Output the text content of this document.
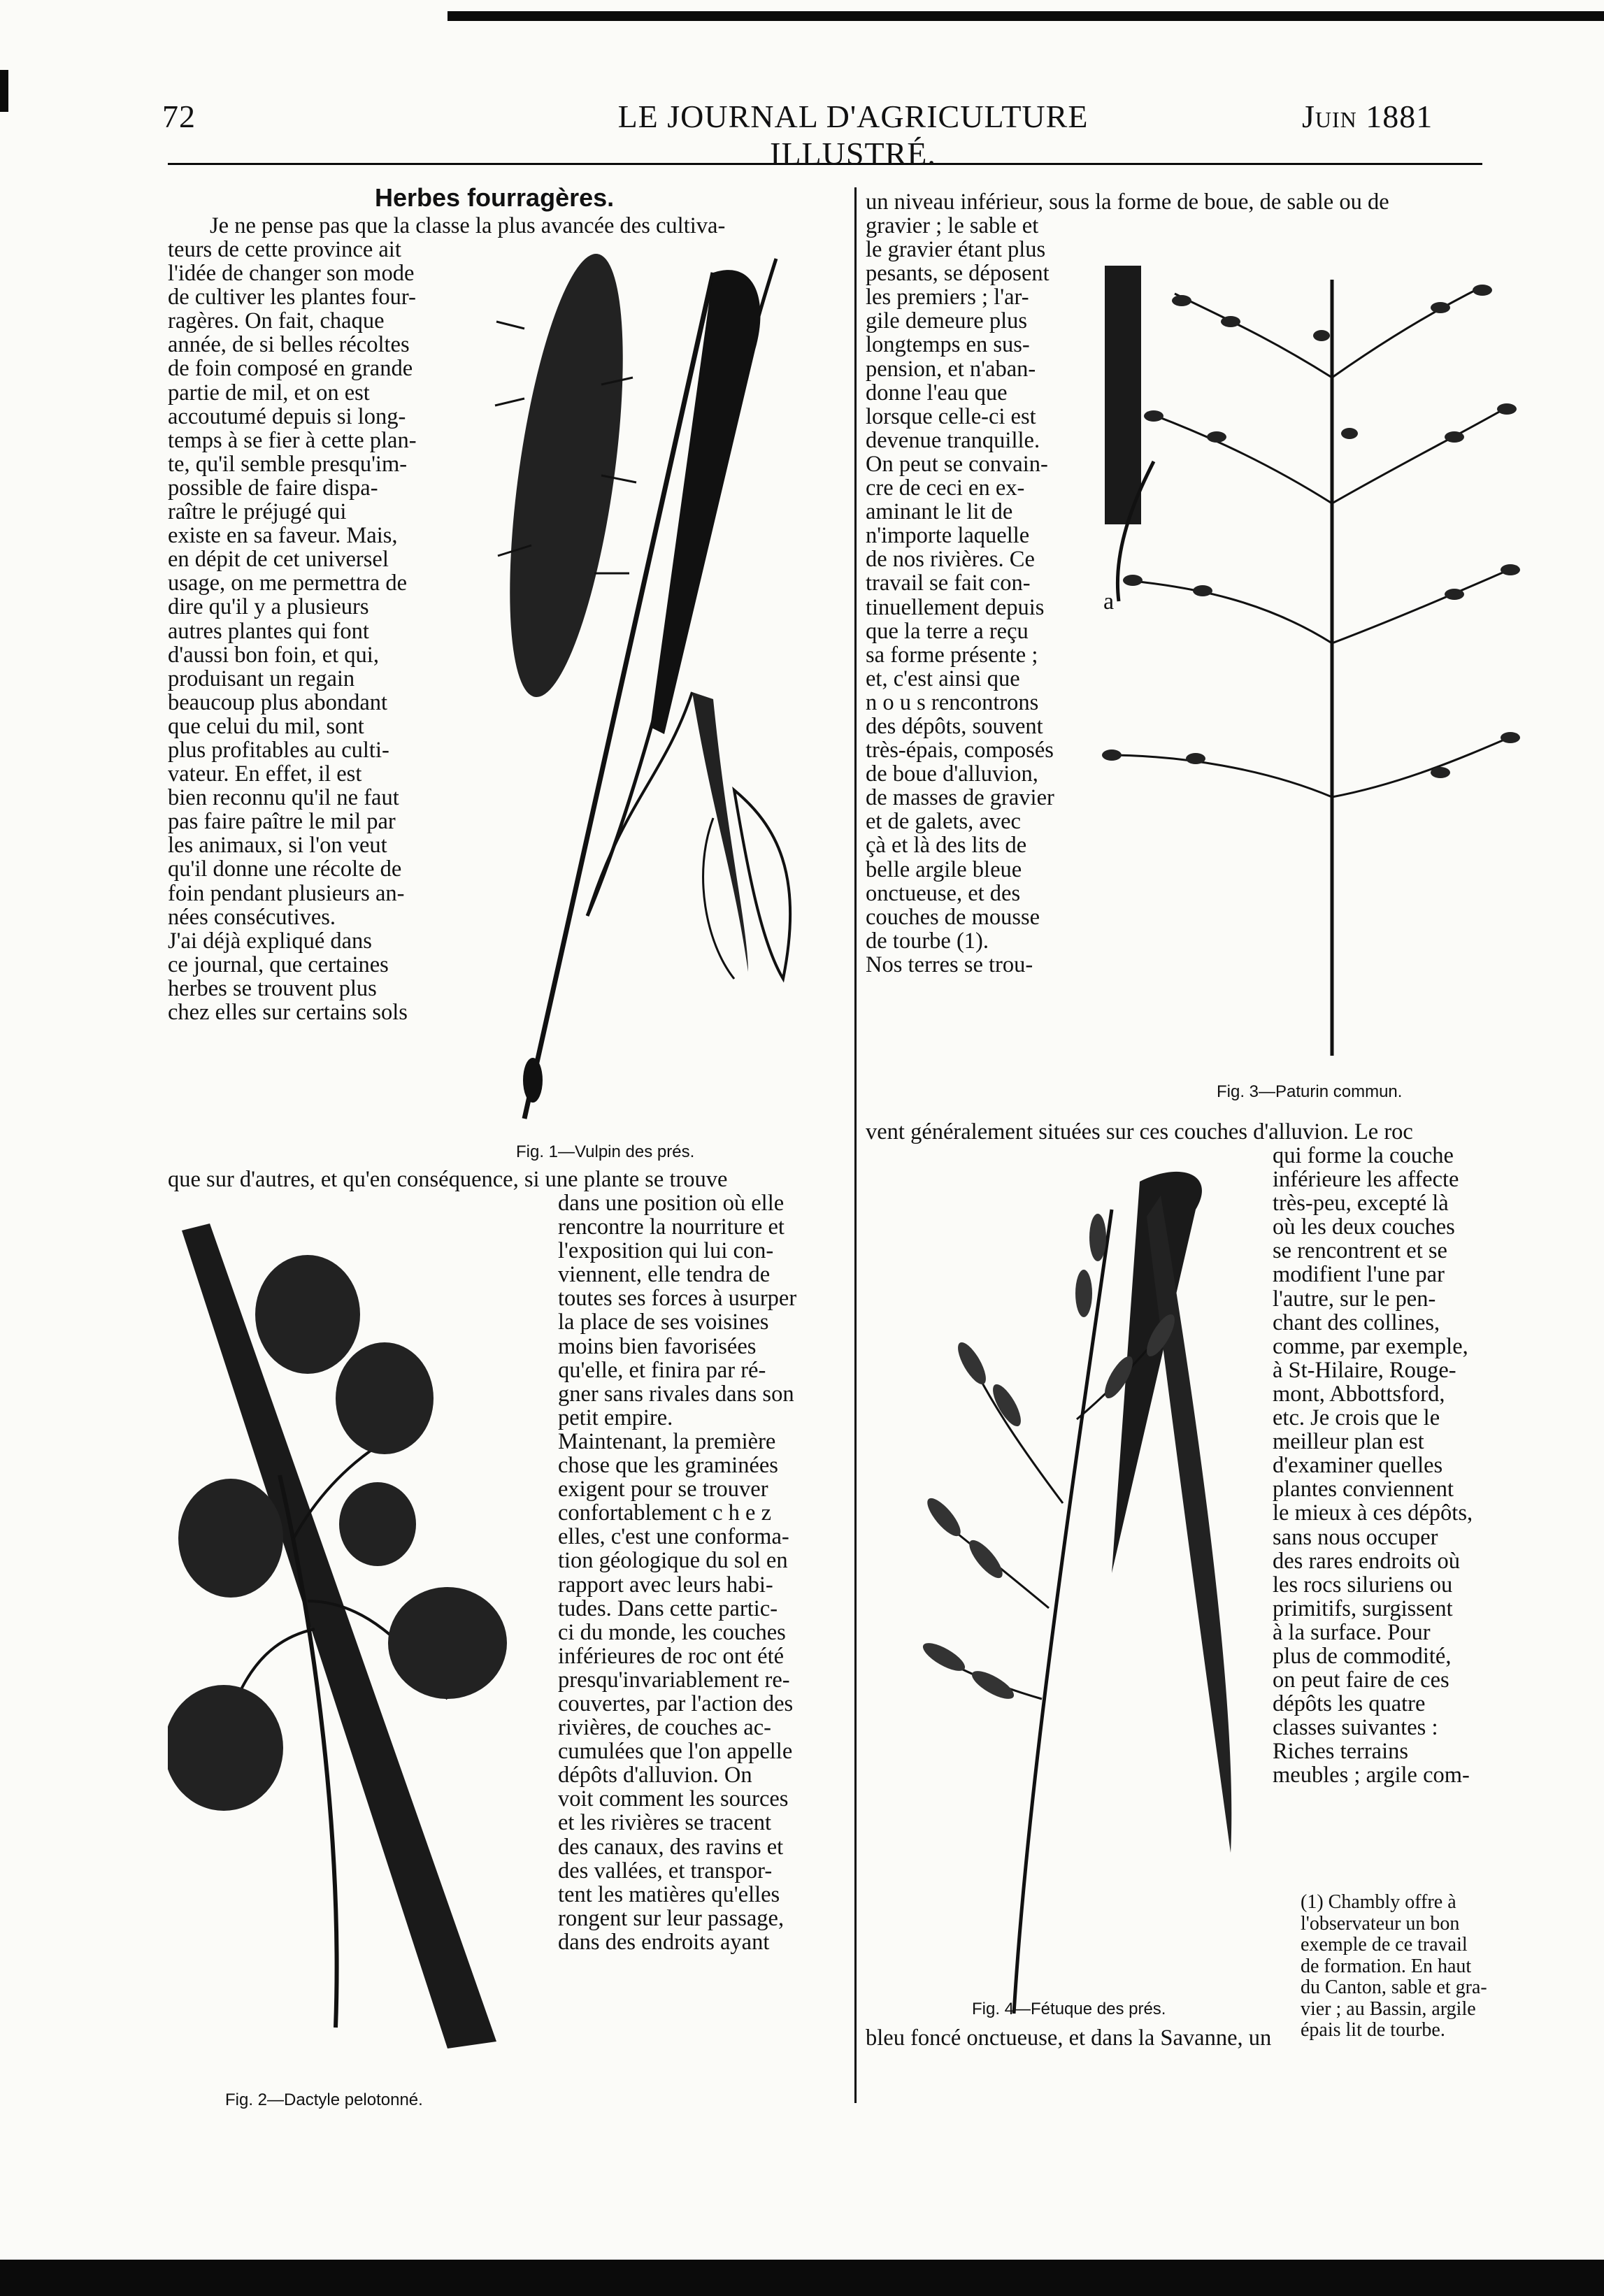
72	LE JOURNAL D'AGRICULTURE ILLUSTRÉ.
Juin 1881
Herbes fourragères.
Je ne pense pas que la classe la plus avancée des cultiva-
teurs de cette province ait
l'idée de changer son mode
de cultiver les plantes four-
ragères. On fait, chaque
année, de si belles récoltes
de foin composé en grande
partie de mil, et on est
accoutumé depuis si long-
temps à se fier à cette plan-
te, qu'il semble presqu'im-
possible de faire dispa-
raître le préjugé qui
existe en sa faveur. Mais,
en dépit de cet universel
usage, on me permettra de
dire qu'il y a plusieurs
autres plantes qui font
d'aussi bon foin, et qui,
produisant un regain
beaucoup plus abondant
que celui du mil, sont
plus profitables au culti-
vateur. En effet, il est
bien reconnu qu'il ne faut
pas faire paître le mil par
les animaux, si l'on veut
qu'il donne une récolte de
foin pendant plusieurs an-
nées consécutives.
J'ai déjà expliqué dans
ce journal, que certaines
herbes se trouvent plus
chez elles sur certains sols
que sur d'autres, et qu'en conséquence, si une plante se trouve
dans une position où elle
rencontre la nourriture et
l'exposition qui lui con-
viennent, elle tendra de
toutes ses forces à usurper
la place de ses voisines
moins bien favorisées
qu'elle, et finira par ré-
gner sans rivales dans son
petit empire.
Maintenant, la première
chose que les graminées
exigent pour se trouver
confortablement c h e z
elles, c'est une conforma-
tion géologique du sol en
rapport avec leurs habi-
tudes. Dans cette partic-
ci du monde, les couches
inférieures de roc ont été
presqu'invariablement re-
couvertes, par l'action des
rivières, de couches ac-
cumulées que l'on appelle
dépôts d'alluvion. On
voit comment les sources
et les rivières se tracent
des canaux, des ravins et
des vallées, et transpor-
tent les matières qu'elles
rongent sur leur passage,
dans des endroits ayant
un niveau inférieur, sous la forme de boue, de sable ou de
gravier ; le sable et
le gravier étant plus
pesants, se déposent
les premiers ; l'ar-
gile demeure plus
longtemps en sus-
pension, et n'aban-
donne l'eau que
lorsque celle-ci est
devenue tranquille.
On peut se convain-
cre de ceci en ex-
aminant le lit de
n'importe laquelle
de nos rivières. Ce
travail se fait con-
tinuellement depuis
que la terre a reçu
sa forme présente ;
et, c'est ainsi que
n o u s rencontrons
des dépôts, souvent
très-épais, composés
de boue d'alluvion,
de masses de gravier
et de galets, avec
çà et là des lits de
belle argile bleue
onctueuse, et des
couches de mousse
de tourbe (1).
Nos terres se trou-
vent généralement situées sur ces couches d'alluvion. Le roc
qui forme la couche
inférieure les affecte
très-peu, excepté là
où les deux couches
se rencontrent et se
modifient l'une par
l'autre, sur le pen-
chant des collines,
comme, par exemple,
à St-Hilaire, Rouge-
mont, Abbottsford,
etc. Je crois que le
meilleur plan est
d'examiner quelles
plantes conviennent
le mieux à ces dépôts,
sans nous occuper
des rares endroits où
les rocs siluriens ou
primitifs, surgissent
à la surface. Pour
plus de commodité,
on peut faire de ces
dépôts les quatre
classes suivantes :
Riches terrains
meubles ; argile com-
bleu foncé onctueuse, et dans la Savanne, un
(1) Chambly offre à
l'observateur un bon
exemple de ce travail
de formation. En haut
du Canton, sable et gra-
vier ; au Bassin, argile
épais lit de tourbe.
Fig. 1—Vulpin des prés.
Fig. 2—Dactyle pelotonné.
a
Fig. 3—Paturin commun.
Fig. 4—Fétuque des prés.
